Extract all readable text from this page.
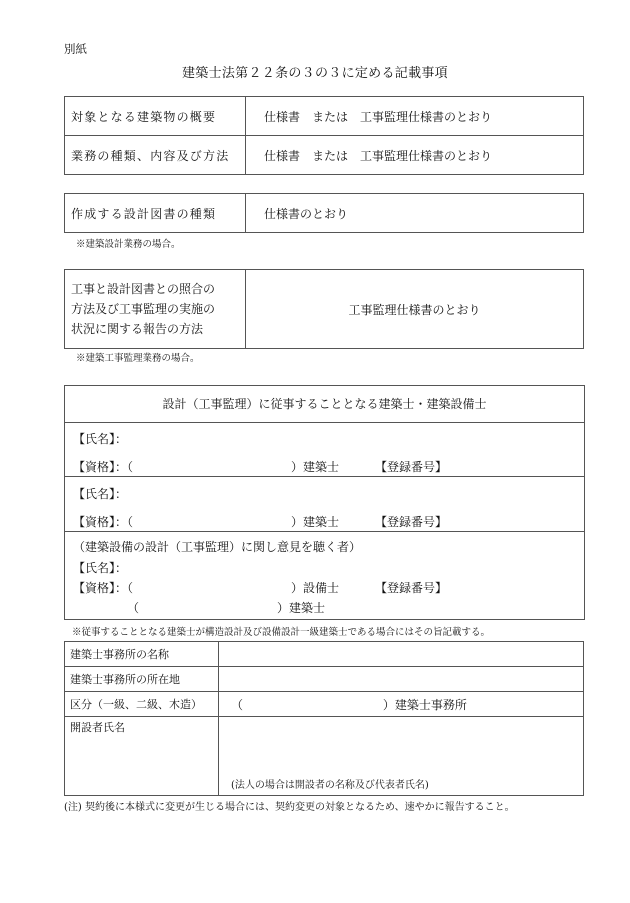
別紙
建築士法第２２条の３の３に定める記載事項
対象となる建築物の概要	仕様書　または　工事監理仕様書のとおり
業務の種類、内容及び方法	仕様書　または　工事監理仕様書のとおり
作成する設計図書の種類	仕様書のとおり
※建築設計業務の場合。
工事と設計図書との照合の
方法及び工事監理の実施の
状況に関する報告の方法
	工事監理仕様書のとおり
※建築工事監理業務の場合。
設計（工事監理）に従事することとなる建築士・建築設備士
【氏名】：
【資格】：（	）建築士	【登録番号】
【氏名】：
【資格】：（	）建築士	【登録番号】
（建築設備の設計（工事監理）に関し意見を聴く者）
【氏名】：
【資格】：（	）設備士	【登録番号】
（	）建築士
※従事することとなる建築士が構造設計及び設備設計一級建築士である場合にはその旨記載する。
建築士事務所の名称	
建築士事務所の所在地	
区分（一級、二級、木造）	（ ）建築士事務所
開設者氏名	(法人の場合は開設者の名称及び代表者氏名)
(注) 契約後に本様式に変更が生じる場合には、契約変更の対象となるため、速やかに報告すること。
